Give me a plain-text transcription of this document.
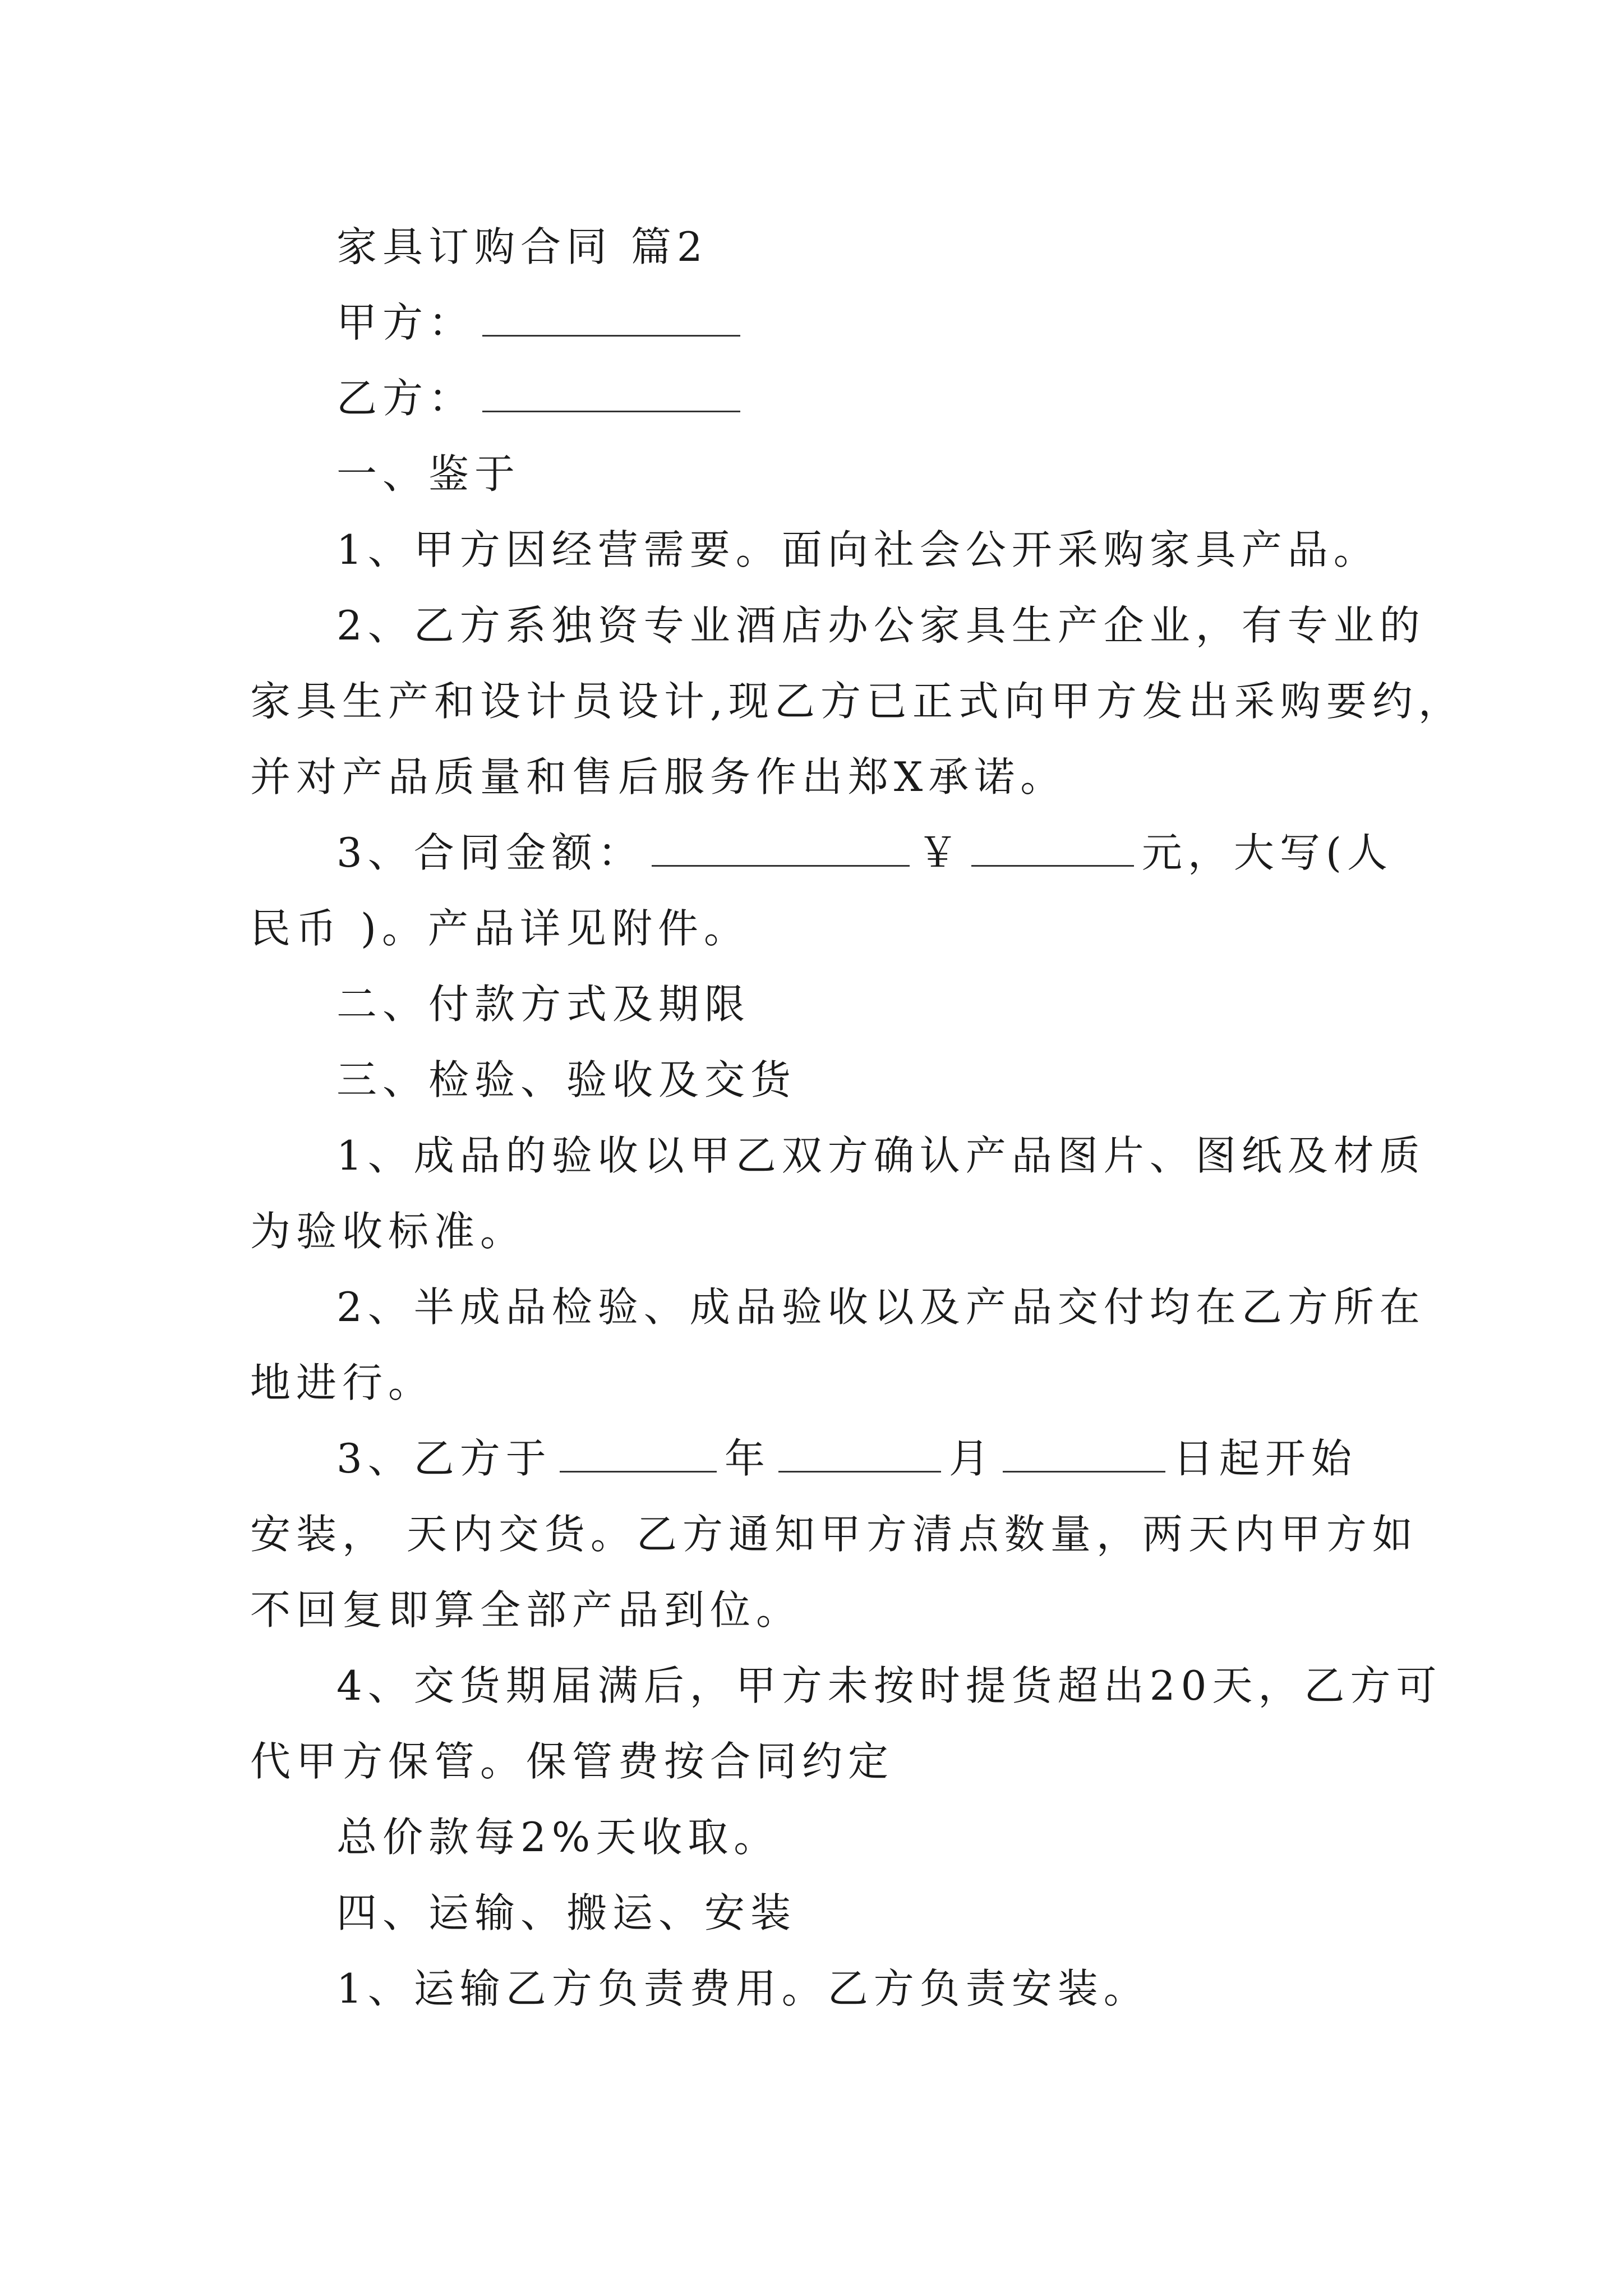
家具订购合同 篇2
甲方：
乙方：
一、鉴于
1、甲方因经营需要。面向社会公开采购家具产品。
2、乙方系独资专业酒店办公家具生产企业，有专业的
家具生产和设计员设计,现乙方已正式向甲方发出采购要约，
并对产品质量和售后服务作出郑X承诺。
3、合同金额：	￥	元，大写(人
民币 )。产品详见附件。
二、付款方式及期限
三、检验、验收及交货
1、成品的验收以甲乙双方确认产品图片、图纸及材质
为验收标准。
2、半成品检验、成品验收以及产品交付均在乙方所在
地进行。
3、乙方于	年	月	日起开始
安装， 天内交货。乙方通知甲方清点数量，两天内甲方如
不回复即算全部产品到位。
4、交货期届满后，甲方未按时提货超出20天，乙方可
代甲方保管。保管费按合同约定
总价款每2%天收取。
四、运输、搬运、安装
1、运输乙方负责费用。乙方负责安装。
